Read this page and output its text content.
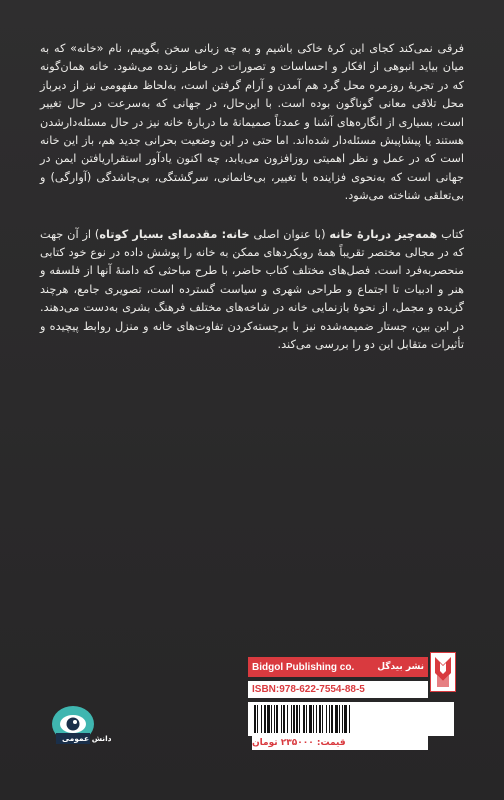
فرقی نمی‌کند کجای این کرهٔ خاکی باشیم و به چه زبانی سخن بگوییم، نام «خانه» که به میان بیاید انبوهی از افکار و احساسات و تصورات در خاطر زنده می‌شود. خانه همان‌گونه که در تجربهٔ روزمره محل گرد هم آمدن و آرام گرفتن است، به‌لحاظ مفهومی نیز از دیرباز محل تلاقی معانی گوناگون بوده است. با این‌حال، در جهانی که به‌سرعت در حال تغییر است، بسیاری از انگاره‌های آشنا و عمدتاً صمیمانهٔ ما دربارهٔ خانه نیز در حال مسئله‌دارشدن هستند یا پیشاپیش مسئله‌دار شده‌اند. اما حتی در این وضعیت بحرانی جدید هم، باز این خانه است که در عمل و نظر اهمیتی روزافزون می‌یابد، چه اکنون یادآور استقراریافتن ایمن در جهانی است که به‌نحوی فزاینده با تغییر، بی‌خانمانی، سرگشتگی، بی‌جاشدگی (آوارگی) و بی‌تعلقی شناخته می‌شود.

کتاب همه‌چیز دربارهٔ خانه (با عنوان اصلی خانه: مقدمه‌ای بسیار کوتاه) از آن جهت که در مجالی مختصر تقریباً همهٔ رویکردهای ممکن به خانه را پوشش داده در نوع خود کتابی منحصربه‌فرد است. فصل‌های مختلف کتاب حاضر، با طرح مباحثی که دامنهٔ آنها از فلسفه و هنر و ادبیات تا اجتماع و طراحی شهری و سیاست گسترده است، تصویری جامع، هرچند گزیده و مجمل، از نحوهٔ بازنمایی خانه در شاخه‌های مختلف فرهنگ بشری به‌دست می‌دهند. در این بین، جستار ضمیمه‌شده نیز با برجسته‌کردن تفاوت‌های خانه و منزل روابط پیچیده و تأثیرات متقابل این دو را بررسی می‌کند.

Bidgol Publishing co.	نشر بیدگل
ISBN:978-622-7554-88-5
قیمت: ۲۳۵۰۰۰ تومان
دانش عمومی
